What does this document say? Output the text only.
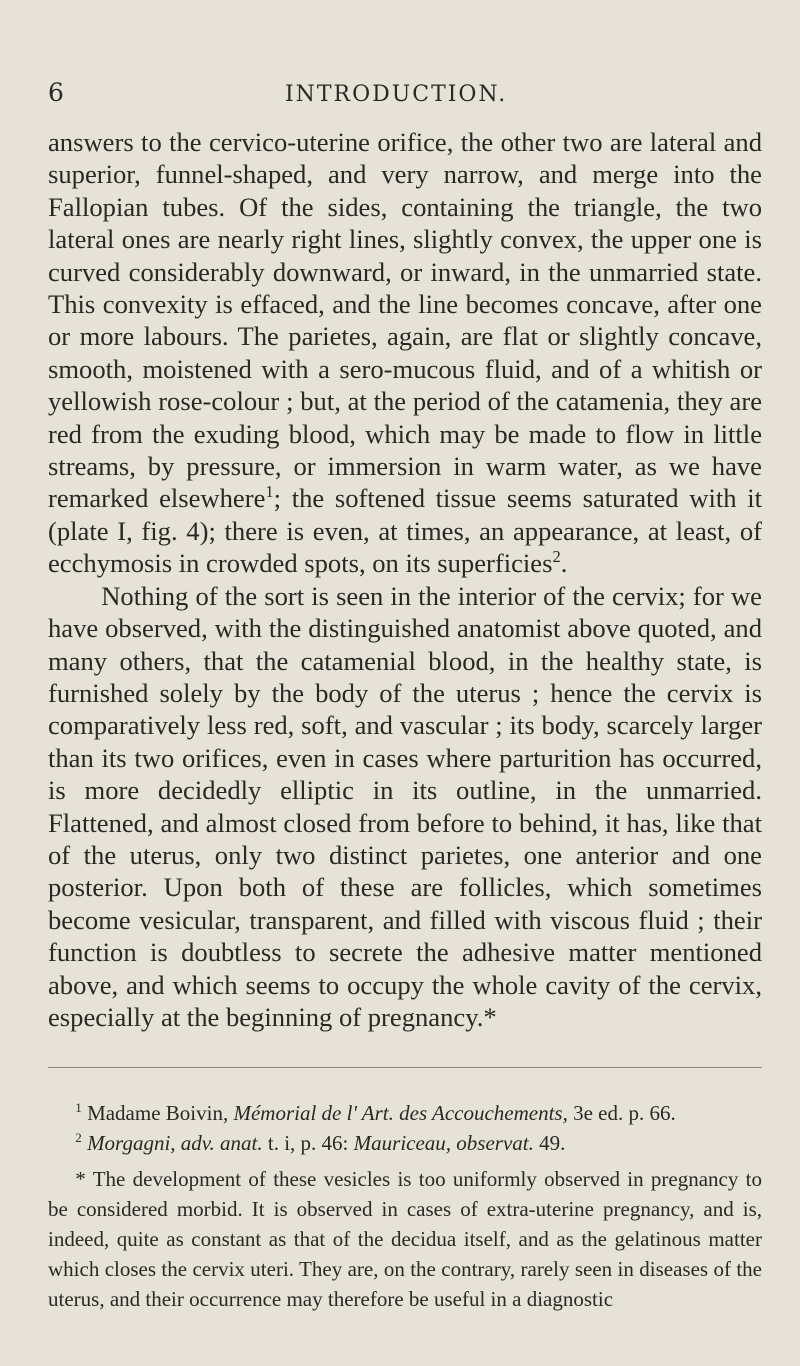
6	INTRODUCTION.

answers to the cervico-uterine orifice, the other two are lateral and superior, funnel-shaped, and very narrow, and merge into the Fallopian tubes. Of the sides, containing the triangle, the two lateral ones are nearly right lines, slightly convex, the upper one is curved considerably downward, or inward, in the unmarried state. This convexity is effaced, and the line becomes concave, after one or more labours. The parietes, again, are flat or slightly concave, smooth, moistened with a sero-mucous fluid, and of a whitish or yellowish rose-colour ; but, at the period of the catamenia, they are red from the exuding blood, which may be made to flow in little streams, by pressure, or immersion in warm water, as we have remarked elsewhere$^1$; the softened tissue seems saturated with it (plate I, fig. 4); there is even, at times, an appearance, at least, of ecchymosis in crowded spots, on its superficies$^2$.

Nothing of the sort is seen in the interior of the cervix; for we have observed, with the distinguished anatomist above quoted, and many others, that the catamenial blood, in the healthy state, is furnished solely by the body of the uterus ; hence the cervix is comparatively less red, soft, and vascular ; its body, scarcely larger than its two orifices, even in cases where parturition has occurred, is more decidedly elliptic in its outline, in the unmarried. Flattened, and almost closed from before to behind, it has, like that of the uterus, only two distinct parietes, one anterior and one posterior. Upon both of these are follicles, which sometimes become vesicular, transparent, and filled with viscous fluid ; their function is doubtless to secrete the adhesive matter mentioned above, and which seems to occupy the whole cavity of the cervix, especially at the beginning of pregnancy.*

$^1$ Madame Boivin, Mémorial de l' Art. des Accouchements, 3e ed. p. 66.

$^2$ Morgagni, adv. anat. t. i, p. 46: Mauriceau, observat. 49.

* The development of these vesicles is too uniformly observed in pregnancy to be considered morbid. It is observed in cases of extra-uterine pregnancy, and is, indeed, quite as constant as that of the decidua itself, and as the gelatinous matter which closes the cervix uteri. They are, on the contrary, rarely seen in diseases of the uterus, and their occurrence may therefore be useful in a diagnostic
